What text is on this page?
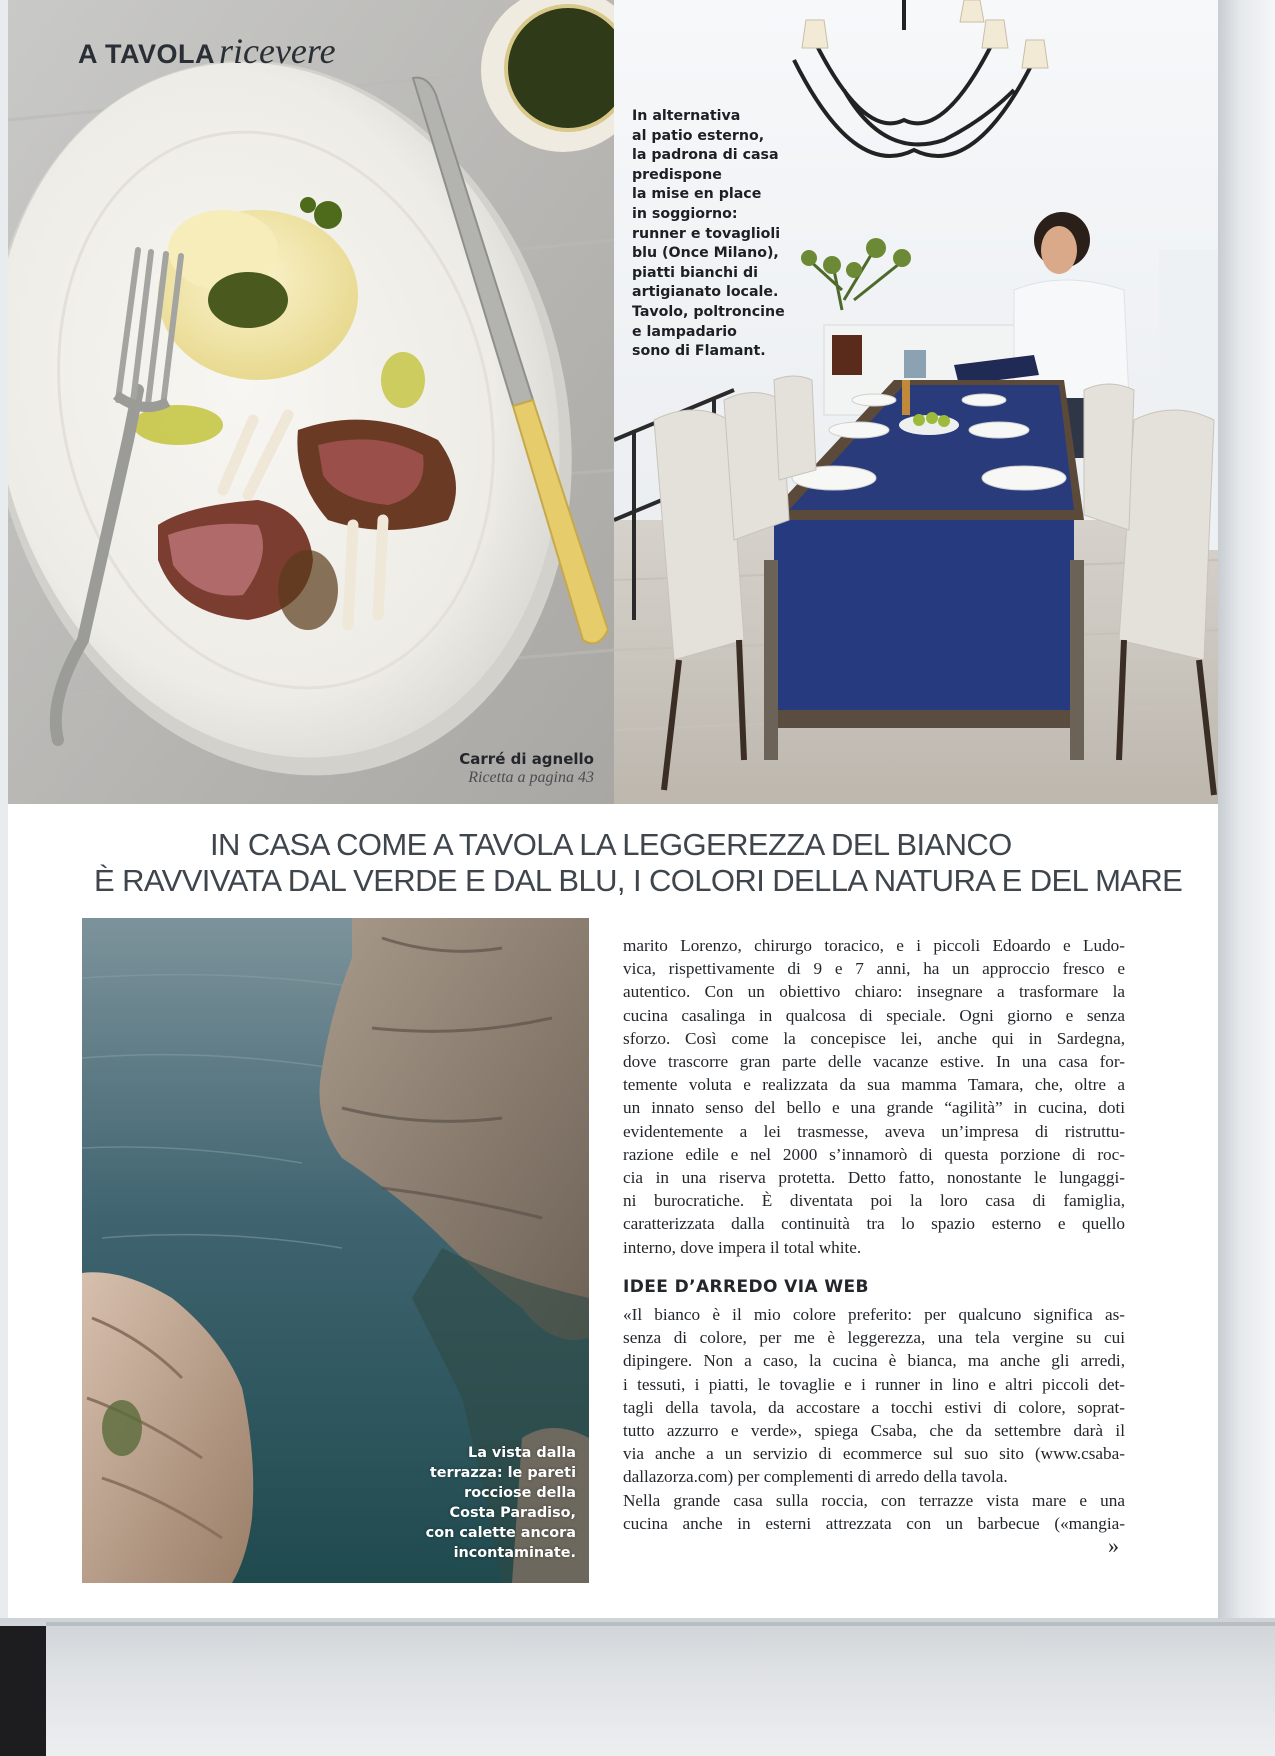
A TAVOLA ricevere
In alternativa
al patio esterno,
la padrona di casa
predispone
la mise en place
in soggiorno:
runner e tovaglioli
blu (Once Milano),
piatti bianchi di
artigianato locale.
Tavolo, poltroncine
e lampadario
sono di Flamant.
Carré di agnello
Ricetta a pagina 43
IN CASA COME A TAVOLA LA LEGGEREZZA DEL BIANCO
È RAVVIVATA DAL VERDE E DAL BLU, I COLORI DELLA NATURA E DEL MARE
La vista dalla
terrazza: le pareti
rocciose della
Costa Paradiso,
con calette ancora
incontaminate.
marito Lorenzo, chirurgo toracico, e i piccoli Edoardo e Ludo-
vica, rispettivamente di 9 e 7 anni, ha un approccio fresco e
autentico. Con un obiettivo chiaro: insegnare a trasformare la
cucina casalinga in qualcosa di speciale. Ogni giorno e senza
sforzo. Così come la concepisce lei, anche qui in Sardegna,
dove trascorre gran parte delle vacanze estive. In una casa for-
temente voluta e realizzata da sua mamma Tamara, che, oltre a
un innato senso del bello e una grande “agilità” in cucina, doti
evidentemente a lei trasmesse, aveva un’impresa di ristruttu-
razione edile e nel 2000 s’innamorò di questa porzione di roc-
cia in una riserva protetta. Detto fatto, nonostante le lungaggi-
ni burocratiche. È diventata poi la loro casa di famiglia,
caratterizzata dalla continuità tra lo spazio esterno e quello
interno, dove impera il total white.
IDEE D’ARREDO VIA WEB
«Il bianco è il mio colore preferito: per qualcuno significa as-
senza di colore, per me è leggerezza, una tela vergine su cui
dipingere. Non a caso, la cucina è bianca, ma anche gli arredi,
i tessuti, i piatti, le tovaglie e i runner in lino e altri piccoli det-
tagli della tavola, da accostare a tocchi estivi di colore, soprat-
tutto azzurro e verde», spiega Csaba, che da settembre darà il
via anche a un servizio di ecommerce sul suo sito (www.csaba-
dallazorza.com) per complementi di arredo della tavola.
Nella grande casa sulla roccia, con terrazze vista mare e una
cucina anche in esterni attrezzata con un barbecue («mangia-
»
